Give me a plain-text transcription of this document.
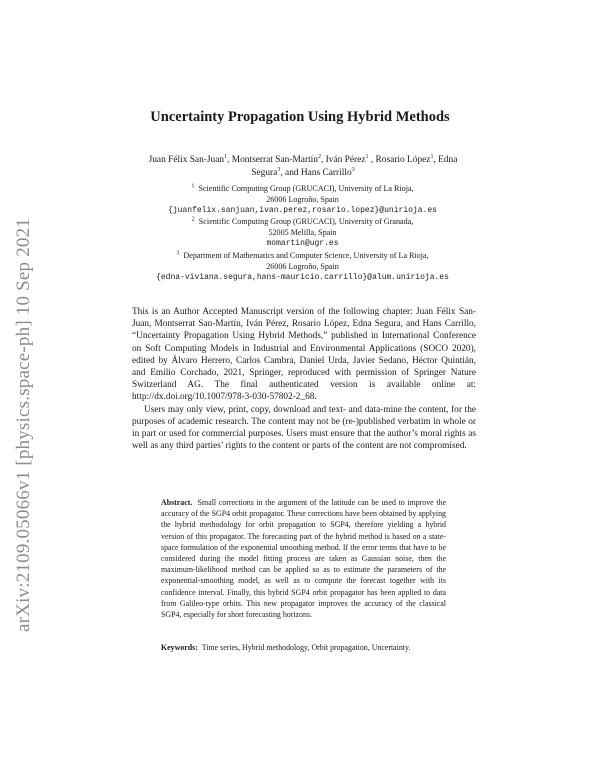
arXiv:2109.05066v1 [physics.space-ph] 10 Sep 2021
Uncertainty Propagation Using Hybrid Methods
Juan Félix San-Juan$^1$, Montserrat San-Martín$^2$, Iván Pérez$^1$ , Rosario López$^1$, Edna Segura$^3$, and Hans Carrillo$^3$
$^1$ Scientific Computing Group (GRUCACI), University of La Rioja,
26006 Logroño, Spain
{juanfelix.sanjuan,ivan.perez,rosario.lopez}@unirioja.es
$^2$ Scientific Computing Group (GRUCACI), University of Granada,
52005 Melilla, Spain
momartin@ugr.es
$^3$ Department of Mathematics and Computer Science, University of La Rioja,
26006 Logroño, Spain
{edna-viviana.segura,hans-mauricio.carrillo}@alum.unirioja.es

This is an Author Accepted Manuscript version of the following chapter: Juan Félix San-Juan, Montserrat San-Martín, Iván Pérez, Rosario López, Edna Segura, and Hans Carrillo, “Uncertainty Propagation Using Hybrid Methods,” published in International Conference on Soft Computing Models in Industrial and Environmental Applications (SOCO 2020), edited by Álvaro Herrero, Carlos Cambra, Daniel Urda, Javier Sedano, Héctor Quintián, and Emilio Corchado, 2021, Springer, reproduced with permission of Springer Nature Switzerland AG. The final authenticated version is available online at: http://dx.doi.org/10.1007/978-3-030-57802-2_68.

Users may only view, print, copy, download and text- and data-mine the content, for the purposes of academic research. The content may not be (re-)published verbatim in whole or in part or used for commercial purposes. Users must ensure that the author’s moral rights as well as any third parties’ rights to the content or parts of the content are not compromised.

Abstract. Small corrections in the argument of the latitude can be used to improve the accuracy of the SGP4 orbit propagator. These corrections have been obtained by applying the hybrid methodology for orbit propagation to SGP4, therefore yielding a hybrid version of this propagator. The forecasting part of the hybrid method is based on a state-space formulation of the exponential smoothing method. If the error terms that have to be considered during the model fitting process are taken as Gaussian noise, then the maximum-likelihood method can be applied so as to estimate the parameters of the exponential-smoothing model, as well as to compute the forecast together with its confidence interval. Finally, this hybrid SGP4 orbit propagator has been applied to data from Galileo-type orbits. This new propagator improves the accuracy of the classical SGP4, especially for short forecasting horizons.
Keywords: Time series, Hybrid methodology, Orbit propagation, Uncertainty.
